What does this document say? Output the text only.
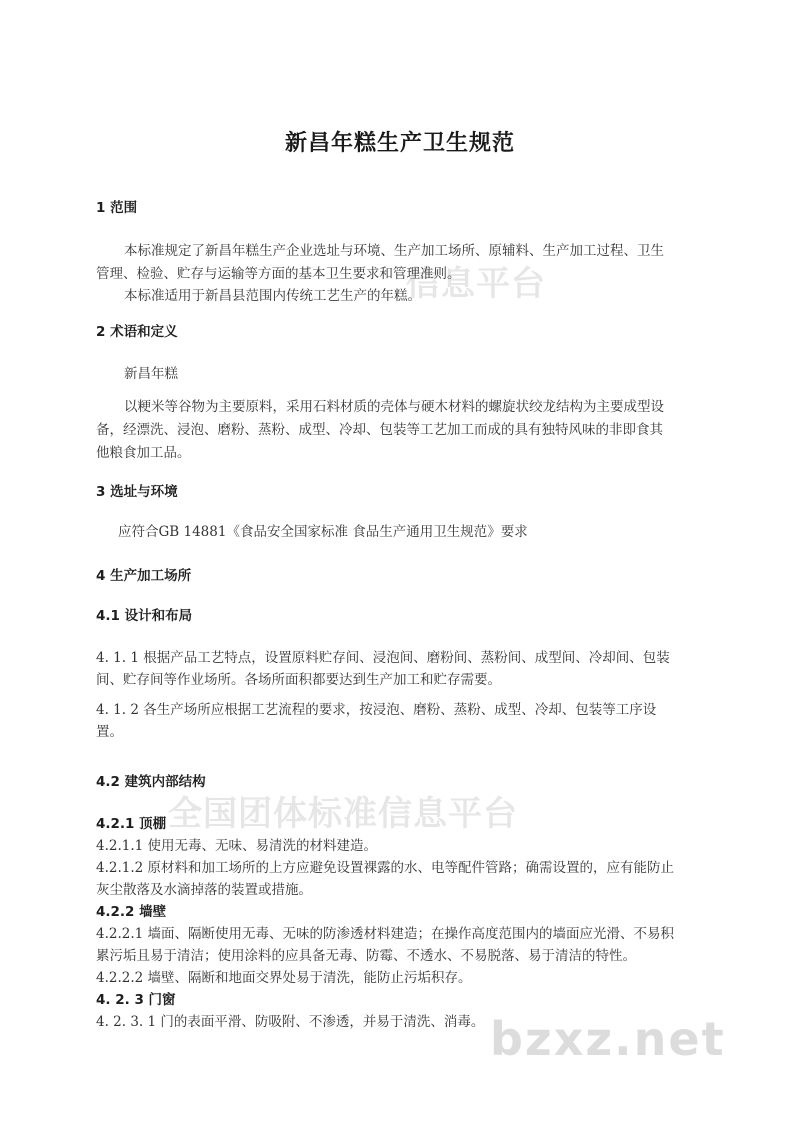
信息平台
全国团体标准信息平台
bzxz.net
新昌年糕生产卫生规范
1 范围
本标准规定了新昌年糕生产企业选址与环境、生产加工场所、原辅料、生产加工过程、卫生
管理、检验、贮存与运输等方面的基本卫生要求和管理准则。
本标准适用于新昌县范围内传统工艺生产的年糕。
2 术语和定义
新昌年糕
以粳米等谷物为主要原料，采用石料材质的壳体与硬木材料的螺旋状绞龙结构为主要成型设
备，经漂洗、浸泡、磨粉、蒸粉、成型、冷却、包装等工艺加工而成的具有独特风味的非即食其
他粮食加工品。
3 选址与环境
应符合GB 14881《食品安全国家标准 食品生产通用卫生规范》要求
4 生产加工场所
4.1 设计和布局
4. 1. 1 根据产品工艺特点，设置原料贮存间、浸泡间、磨粉间、蒸粉间、成型间、冷却间、包装
间、贮存间等作业场所。各场所面积都要达到生产加工和贮存需要。
4. 1. 2 各生产场所应根据工艺流程的要求，按浸泡、磨粉、蒸粉、成型、冷却、包装等工序设
置。
4.2 建筑内部结构
4.2.1 顶棚
4.2.1.1 使用无毒、无味、易清洗的材料建造。
4.2.1.2 原材料和加工场所的上方应避免设置裸露的水、电等配件管路；确需设置的，应有能防止
灰尘散落及水滴掉落的装置或措施。
4.2.2 墙壁
4.2.2.1 墙面、隔断使用无毒、无味的防渗透材料建造；在操作高度范围内的墙面应光滑、不易积
累污垢且易于清洁；使用涂料的应具备无毒、防霉、不透水、不易脱落、易于清洁的特性。
4.2.2.2 墙壁、隔断和地面交界处易于清洗，能防止污垢积存。
4. 2. 3 门窗
4. 2. 3. 1 门的表面平滑、防吸附、不渗透，并易于清洗、消毒。
